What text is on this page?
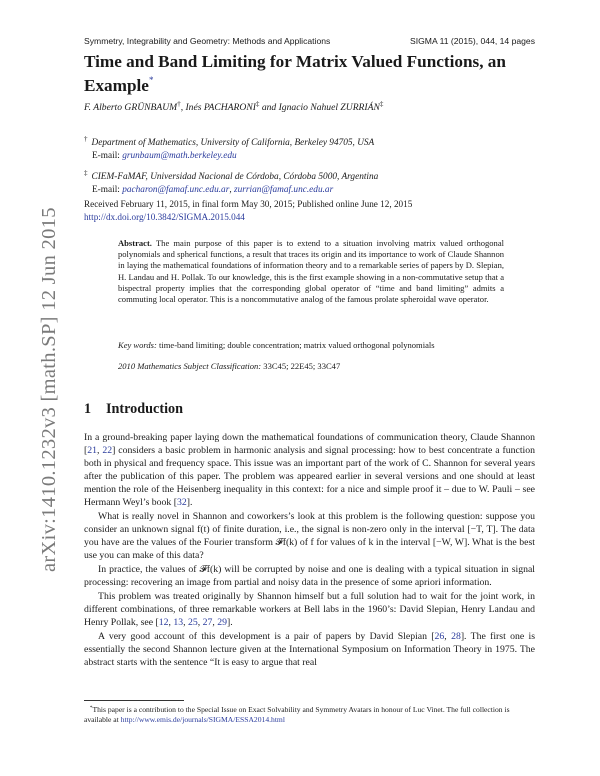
Symmetry, Integrability and Geometry: Methods and Applications	SIGMA 11 (2015), 044, 14 pages
arXiv:1410.1232v3 [math.SP] 12 Jun 2015
Time and Band Limiting for Matrix Valued Functions, an Example*
F. Alberto GRÜNBAUM†, Inés PACHARONI‡ and Ignacio Nahuel ZURRIÁN‡
† Department of Mathematics, University of California, Berkeley 94705, USA
E-mail: grunbaum@math.berkeley.edu
‡ CIEM-FaMAF, Universidad Nacional de Córdoba, Córdoba 5000, Argentina
E-mail: pacharon@famaf.unc.edu.ar, zurrian@famaf.unc.edu.ar
Received February 11, 2015, in final form May 30, 2015; Published online June 12, 2015
http://dx.doi.org/10.3842/SIGMA.2015.044
Abstract. The main purpose of this paper is to extend to a situation involving matrix valued orthogonal polynomials and spherical functions, a result that traces its origin and its importance to work of Claude Shannon in laying the mathematical foundations of information theory and to a remarkable series of papers by D. Slepian, H. Landau and H. Pollak. To our knowledge, this is the first example showing in a non-commutative setup that a bispectral property implies that the corresponding global operator of “time and band limiting” admits a commuting local operator. This is a noncommutative analog of the famous prolate spheroidal wave operator.
Key words: time-band limiting; double concentration; matrix valued orthogonal polynomials
2010 Mathematics Subject Classification: 33C45; 22E45; 33C47
1 Introduction

In a ground-breaking paper laying down the mathematical foundations of communication theory, Claude Shannon [21, 22] considers a basic problem in harmonic analysis and signal processing: how to best concentrate a function both in physical and frequency space. This issue was an important part of the work of C. Shannon for several years after the publication of this paper. The problem was appeared earlier in several versions and one should at least mention the role of the Heisenberg inequality in this context: for a nice and simple proof it – due to W. Pauli – see Hermann Weyl’s book [32].

What is really novel in Shannon and coworkers’s look at this problem is the following question: suppose you consider an unknown signal f(t) of finite duration, i.e., the signal is non-zero only in the interval [−T, T]. The data you have are the values of the Fourier transform 𝓕f(k) of f for values of k in the interval [−W, W]. What is the best use you can make of this data?

In practice, the values of 𝓕f(k) will be corrupted by noise and one is dealing with a typical situation in signal processing: recovering an image from partial and noisy data in the presence of some apriori information.

This problem was treated originally by Shannon himself but a full solution had to wait for the joint work, in different combinations, of three remarkable workers at Bell labs in the 1960’s: David Slepian, Henry Landau and Henry Pollak, see [12, 13, 25, 27, 29].

A very good account of this development is a pair of papers by David Slepian [26, 28]. The first one is essentially the second Shannon lecture given at the International Symposium on Information Theory in 1975. The abstract starts with the sentence “It is easy to argue that real

*This paper is a contribution to the Special Issue on Exact Solvability and Symmetry Avatars in honour of Luc Vinet. The full collection is available at http://www.emis.de/journals/SIGMA/ESSA2014.html
